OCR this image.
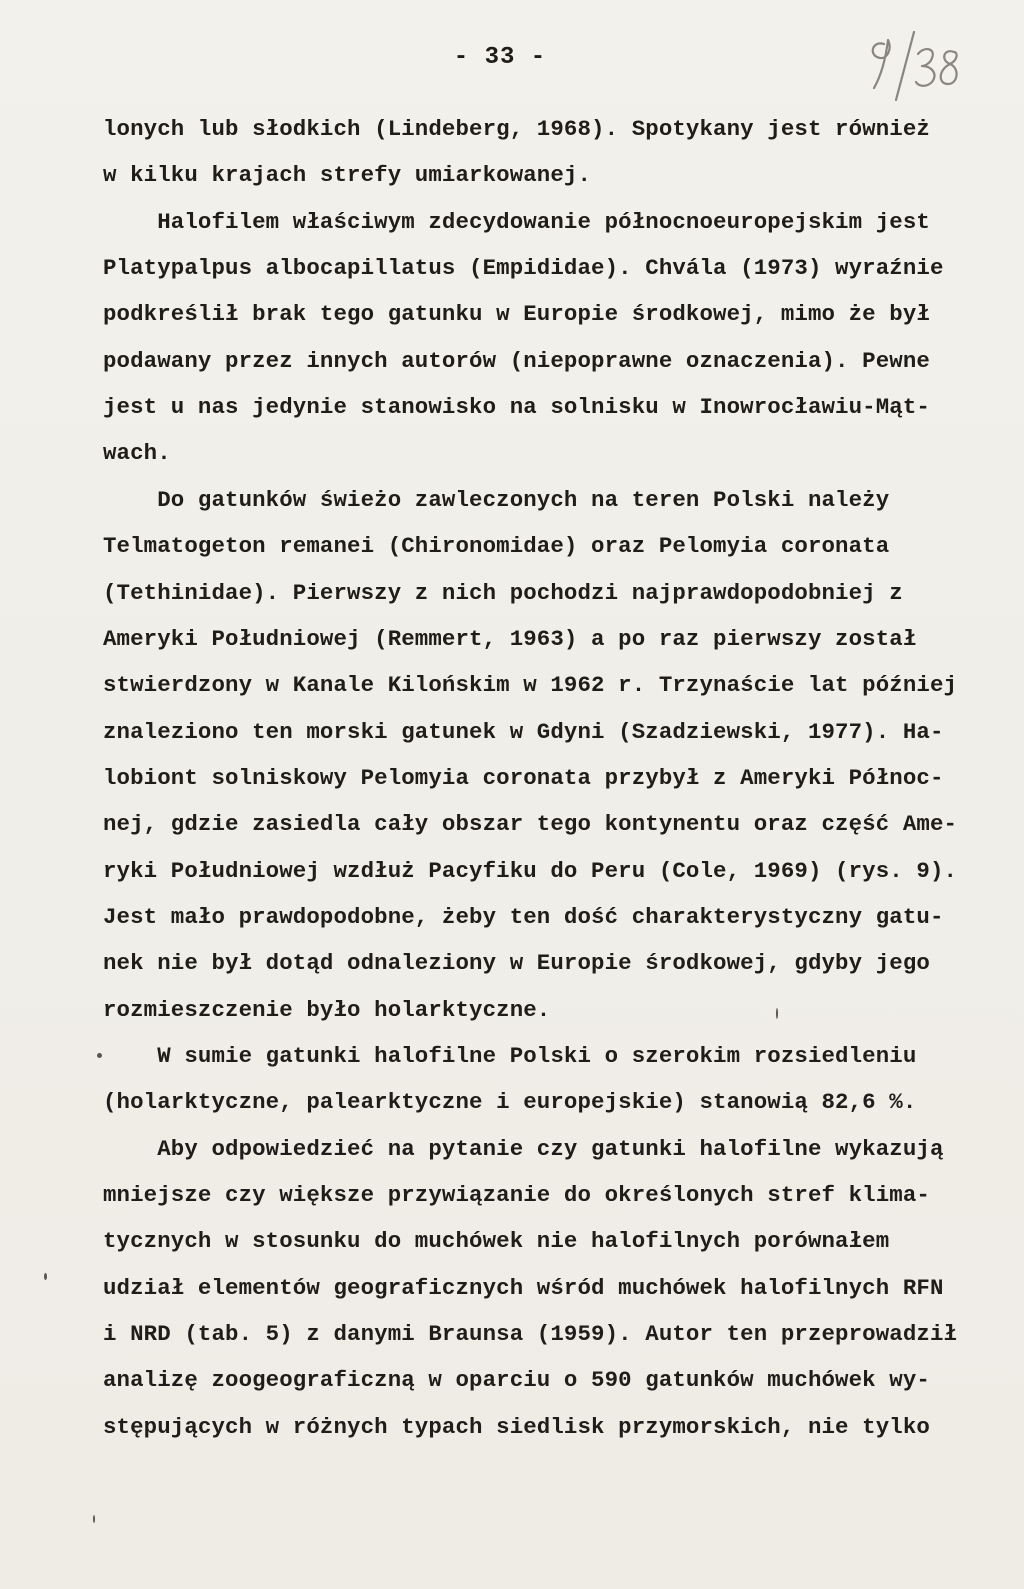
- 33 -
lonych lub słodkich (Lindeberg, 1968). Spotykany jest również
w kilku krajach strefy umiarkowanej.
Halofilem właściwym zdecydowanie północnoeuropejskim jest
Platypalpus albocapillatus (Empididae). Chvála (1973) wyraźnie
podkreślił brak tego gatunku w Europie środkowej, mimo że był
podawany przez innych autorów (niepoprawne oznaczenia). Pewne
jest u nas jedynie stanowisko na solnisku w Inowrocławiu-Mąt-
wach.
Do gatunków świeżo zawleczonych na teren Polski należy
Telmatogeton remanei (Chironomidae) oraz Pelomyia coronata
(Tethinidae). Pierwszy z nich pochodzi najprawdopodobniej z
Ameryki Południowej (Remmert, 1963) a po raz pierwszy został
stwierdzony w Kanale Kilońskim w 1962 r. Trzynaście lat później
znaleziono ten morski gatunek w Gdyni (Szadziewski, 1977). Ha-
lobiont solniskowy Pelomyia coronata przybył z Ameryki Północ-
nej, gdzie zasiedla cały obszar tego kontynentu oraz część Ame-
ryki Południowej wzdłuż Pacyfiku do Peru (Cole, 1969) (rys. 9).
Jest mało prawdopodobne, żeby ten dość charakterystyczny gatu-
nek nie był dotąd odnaleziony w Europie środkowej, gdyby jego
rozmieszczenie było holarktyczne.
W sumie gatunki halofilne Polski o szerokim rozsiedleniu
(holarktyczne, palearktyczne i europejskie) stanowią 82,6 %.
Aby odpowiedzieć na pytanie czy gatunki halofilne wykazują
mniejsze czy większe przywiązanie do określonych stref klima-
tycznych w stosunku do muchówek nie halofilnych porównałem
udział elementów geograficznych wśród muchówek halofilnych RFN
i NRD (tab. 5) z danymi Braunsa (1959). Autor ten przeprowadził
analizę zoogeograficzną w oparciu o 590 gatunków muchówek wy-
stępujących w różnych typach siedlisk przymorskich, nie tylko
